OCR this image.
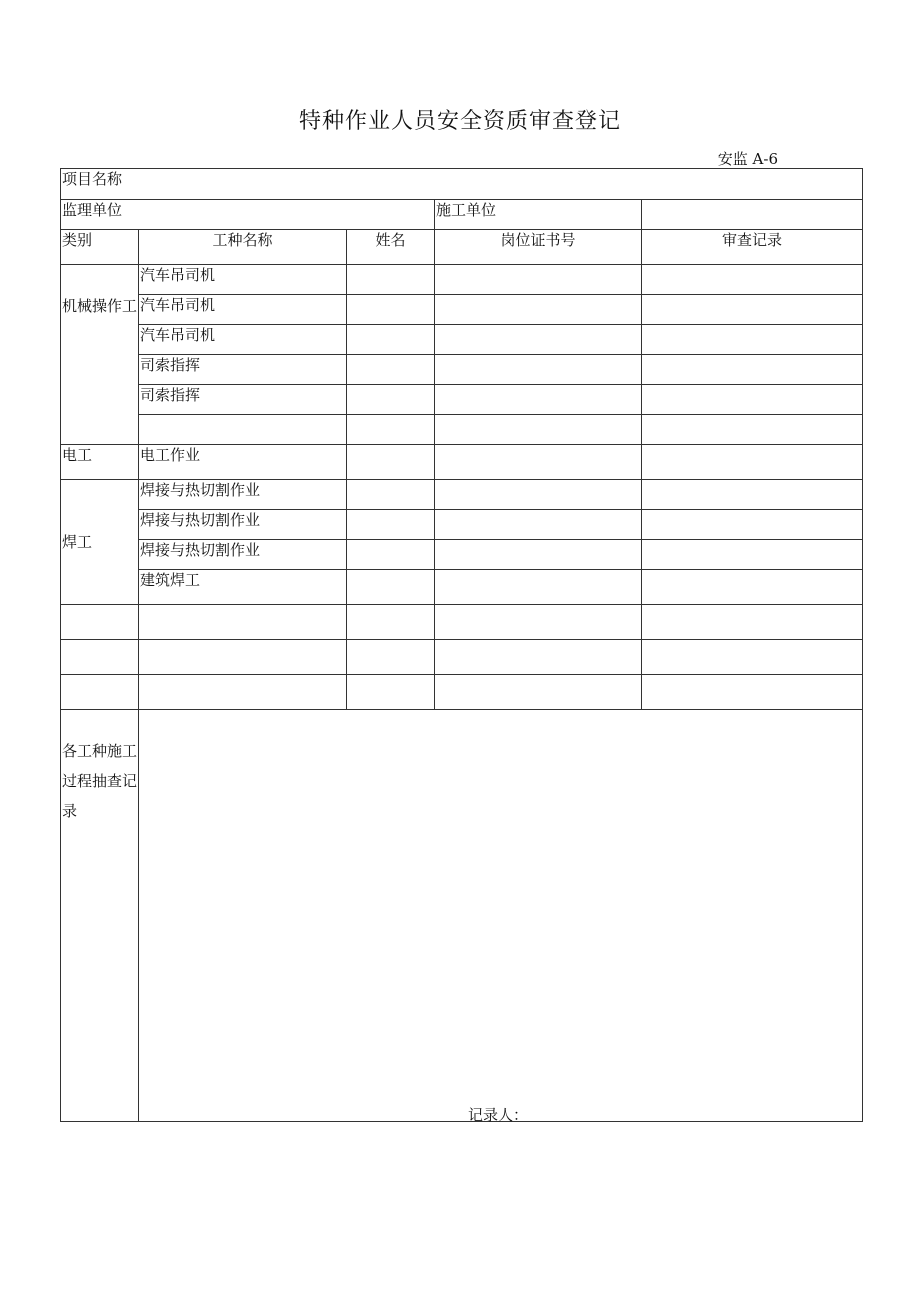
特种作业人员安全资质审查登记
安监 A-6
项目名称				
监理单位			施工单位	
类别	工种名称	姓名	岗位证书号	审查记录
机械操作工	汽车吊司机			
	汽车吊司机			
	汽车吊司机			
	司索指挥			
	司索指挥			

电工	电工作业			
焊工	焊接与热切割作业			
	焊接与热切割作业			
	焊接与热切割作业			
	建筑焊工			

各工种施工过程抽查记录				
记录人：
